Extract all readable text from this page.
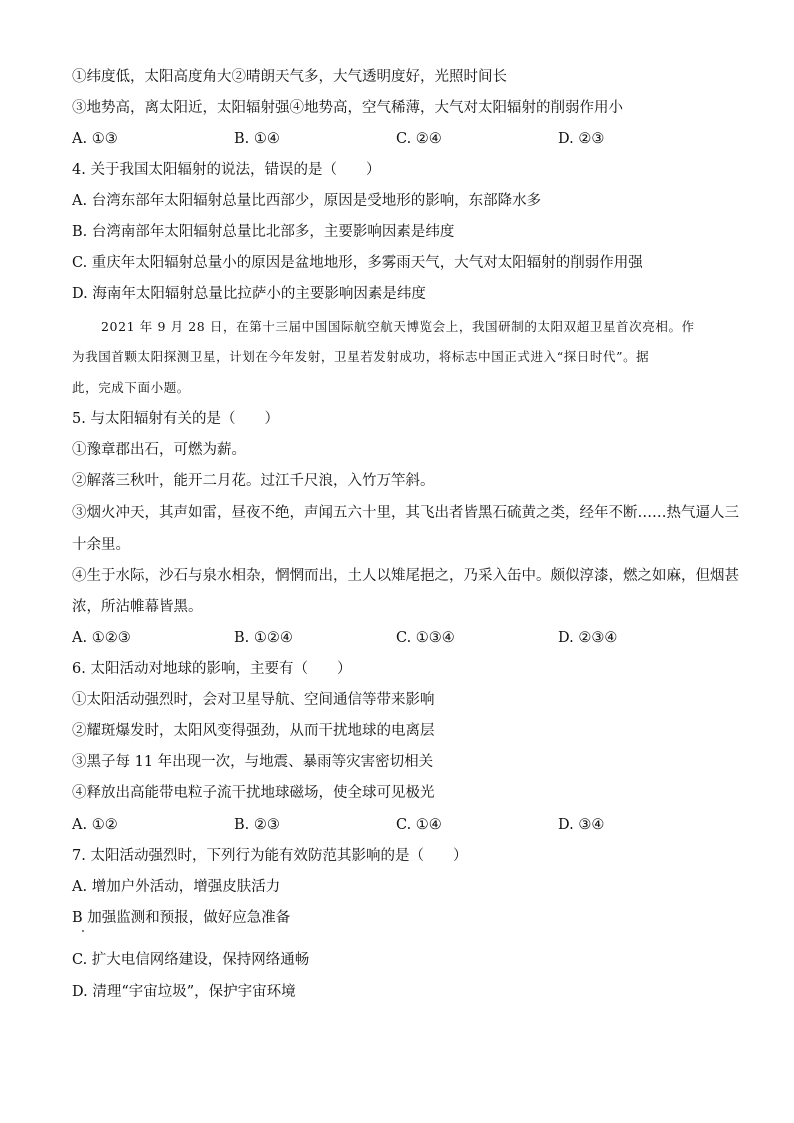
①纬度低，太阳高度角大②晴朗天气多，大气透明度好，光照时间长
③地势高，离太阳近，太阳辐射强④地势高，空气稀薄，大气对太阳辐射的削弱作用小
A. ①③	B. ①④	C. ②④	D. ②③
4. 关于我国太阳辐射的说法，错误的是（　　）
A. 台湾东部年太阳辐射总量比西部少，原因是受地形的影响，东部降水多
B. 台湾南部年太阳辐射总量比北部多，主要影响因素是纬度
C. 重庆年太阳辐射总量小的原因是盆地地形，多雾雨天气，大气对太阳辐射的削弱作用强
D. 海南年太阳辐射总量比拉萨小的主要影响因素是纬度
2021 年 9 月 28 日，在第十三届中国国际航空航天博览会上，我国研制的太阳双超卫星首次亮相。作
为我国首颗太阳探测卫星，计划在今年发射，卫星若发射成功，将标志中国正式进入“探日时代”。据
此，完成下面小题。
5. 与太阳辐射有关的是（　　）
①豫章郡出石，可燃为薪。
②解落三秋叶，能开二月花。过江千尺浪，入竹万竿斜。
③烟火冲天，其声如雷，昼夜不绝，声闻五六十里，其飞出者皆黑石硫黄之类，经年不断……热气逼人三
十余里。
④生于水际，沙石与泉水相杂，惘惘而出，土人以雉尾挹之，乃采入缶中。颇似淳漆，燃之如麻，但烟甚
浓，所沾帷幕皆黑。
A. ①②③	B. ①②④	C. ①③④	D. ②③④
6. 太阳活动对地球的影响，主要有（　　）
①太阳活动强烈时，会对卫星导航、空间通信等带来影响
②耀斑爆发时，太阳风变得强劲，从而干扰地球的电离层
③黑子每 11 年出现一次，与地震、暴雨等灾害密切相关
④释放出高能带电粒子流干扰地球磁场，使全球可见极光
A. ①②	B. ②③	C. ①④	D. ③④
7. 太阳活动强烈时，下列行为能有效防范其影响的是（　　）
A. 增加户外活动，增强皮肤活力
B 加强监测和预报，做好应急准备
C. 扩大电信网络建设，保持网络通畅
D. 清理“宇宙垃圾”，保护宇宙环境
